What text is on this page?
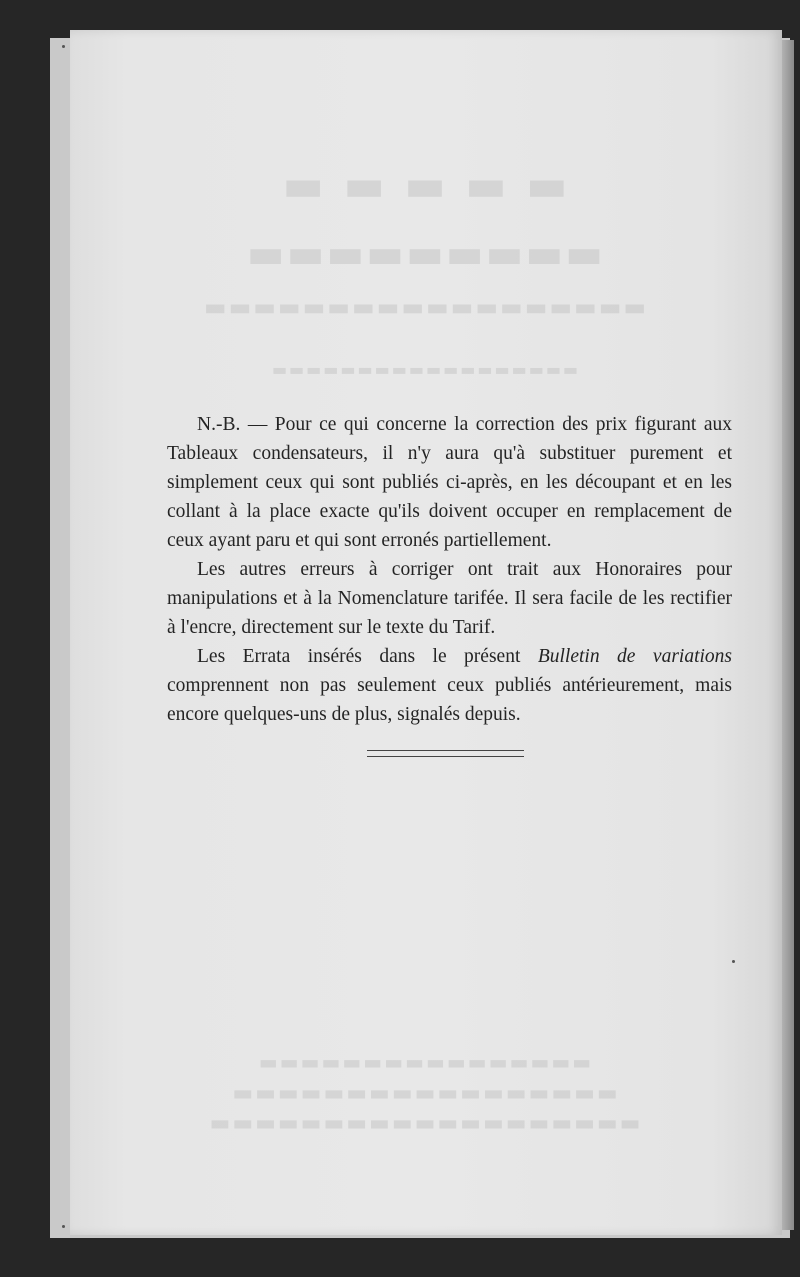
▬ ▬ ▬ ▬ ▬
▬▬▬▬▬▬▬▬▬
▬▬▬▬▬▬▬▬▬▬▬▬▬▬▬▬▬▬
▬▬▬▬▬▬▬▬▬▬▬▬▬▬▬▬▬▬
▬▬▬▬▬▬▬▬▬▬▬▬▬▬▬▬
▬▬▬▬▬▬▬▬▬▬▬▬▬▬▬▬▬
▬▬▬▬▬▬▬▬▬▬▬▬▬▬▬▬▬▬▬

N.-B. — Pour ce qui concerne la correction des prix figurant aux Tableaux condensateurs, il n'y aura qu'à substituer purement et simplement ceux qui sont publiés ci-après, en les découpant et en les collant à la place exacte qu'ils doivent occuper en remplacement de ceux ayant paru et qui sont erronés partiellement.

Les autres erreurs à corriger ont trait aux Honoraires pour manipulations et à la Nomenclature tarifée. Il sera facile de les rectifier à l'encre, directement sur le texte du Tarif.

Les Errata insérés dans le présent Bulletin de variations comprennent non pas seulement ceux publiés antérieurement, mais encore quelques-uns de plus, signalés depuis.
